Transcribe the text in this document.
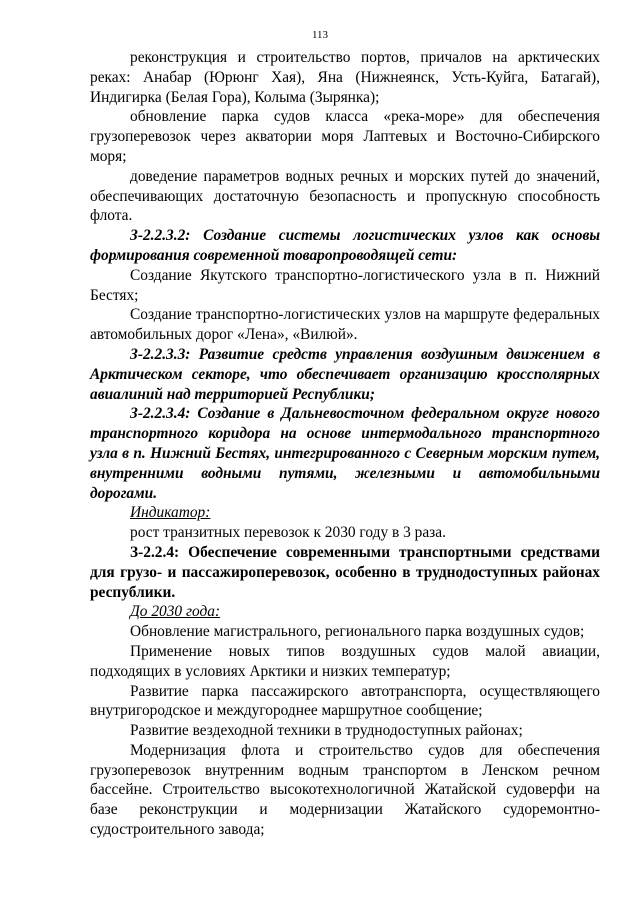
113

реконструкция и строительство портов, причалов на арктических реках: Анабар (Юрюнг Хая), Яна (Нижнеянск, Усть-Куйга, Батагай), Индигирка (Белая Гора), Колыма (Зырянка);

обновление парка судов класса «река-море» для обеспечения грузоперевозок через акватории моря Лаптевых и Восточно-Сибирского моря;

доведение параметров водных речных и морских путей до значений, обеспечивающих достаточную безопасность и пропускную способность флота.

З-2.2.3.2: Создание системы логистических узлов как основы формирования современной товаропроводящей сети:

Создание Якутского транспортно-логистического узла в п. Нижний Бестях;

Создание транспортно-логистических узлов на маршруте федеральных автомобильных дорог «Лена», «Вилюй».

З-2.2.3.3: Развитие средств управления воздушным движением в Арктическом секторе, что обеспечивает организацию кроссполярных авиалиний над территорией Республики;

З-2.2.3.4: Создание в Дальневосточном федеральном округе нового транспортного коридора на основе интермодального транспортного узла в п. Нижний Бестях, интегрированного с Северным морским путем, внутренними водными путями, железными и автомобильными дорогами.

Индикатор:

рост транзитных перевозок к 2030 году в 3 раза.

З-2.2.4: Обеспечение современными транспортными средствами для грузо- и пассажироперевозок, особенно в труднодоступных районах республики.

До 2030 года:

Обновление магистрального, регионального парка воздушных судов;

Применение новых типов воздушных судов малой авиации, подходящих в условиях Арктики и низких температур;

Развитие парка пассажирского автотранспорта, осуществляющего внутригородское и междугороднее маршрутное сообщение;

Развитие вездеходной техники в труднодоступных районах;

Модернизация флота и строительство судов для обеспечения грузоперевозок внутренним водным транспортом в Ленском речном бассейне. Строительство высокотехнологичной Жатайской судоверфи на базе реконструкции и модернизации Жатайского судоремонтно-судостроительного завода;
